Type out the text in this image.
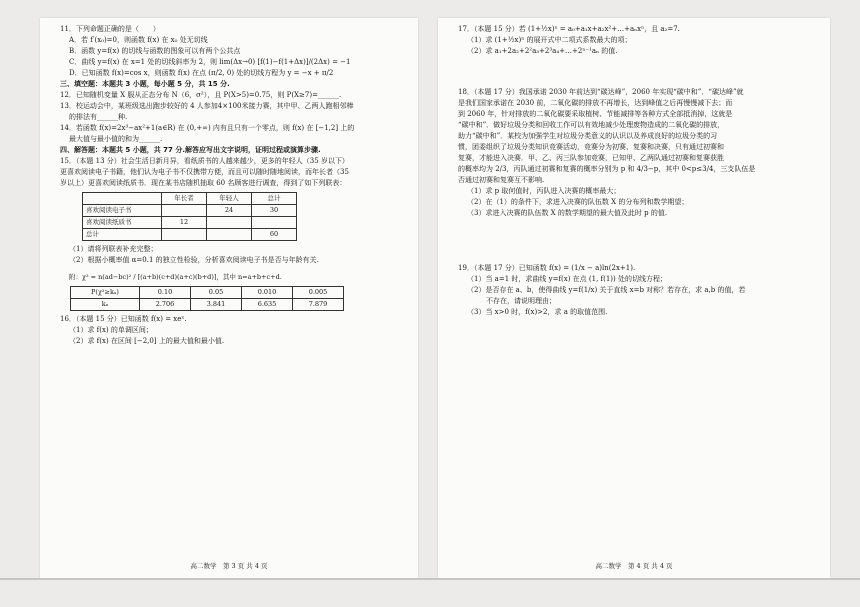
11．下列命题正确的是（　　）

A．若 f′(x₀)=0，则函数 f(x) 在 x₀ 处无切线

B．函数 y=f(x) 的切线与函数的图象可以有两个公共点

C．曲线 y=f(x) 在 x=1 处的切线斜率为 2，则 lim(Δx→0) [f(1)−f(1+Δx)]/(2Δx) = −1

D．已知函数 f(x)=cos x，则函数 f(x) 在点 (π/2, 0) 处的切线方程为 y = −x + π/2

三、填空题：本题共 3 小题，每小题 5 分，共 15 分.

12．已知随机变量 X 服从正态分布 N（6，σ²），且 P(X>5)=0.75，则 P(X≥7)=______.

13．校运动会中，某班级选出跑步较好的 4 人参加4×100米接力赛，其中甲、乙两人跑相邻棒

的排法有______种.

14．若函数 f(x)=2x³−ax²+1(a∈R) 在 (0,+∞) 内有且只有一个零点，则 f(x) 在 [−1,2] 上的

最大值与最小值的和为______.

四、解答题：本题共 5 小题，共 77 分.解答应写出文字说明，证明过程或演算步骤.

15．（本题 13 分）社会生活日新月异，看纸质书的人越来越少，更多的年轻人（35 岁以下）

更喜欢阅读电子书籍，他们认为电子书不仅携带方便，而且可以随时随地阅读，而年长者（35

岁以上）更喜欢阅读纸质书．现在某书店随机抽取 60 名顾客进行调查，得到了如下列联表：

	年长者	年轻人	总计
喜欢阅读电子书		24	30
喜欢阅读纸质书	12		
总计			60

（1）请将列联表补充完整；

（2）根据小概率值 α=0.1 的独立性检验，分析喜欢阅读电子书是否与年龄有关.

附：χ² = n(ad−bc)² / [(a+b)(c+d)(a+c)(b+d)]，其中 n=a+b+c+d.

P(χ²≥kₐ)	0.10	0.05	0.010	0.005
kₐ	2.706	3.841	6.635	7.879

16．（本题 15 分）已知函数 f(x) = xeˣ.

（1）求 f(x) 的单调区间；

（2）求 f(x) 在区间 [−2,0] 上的最大值和最小值.

高二数学　第 3 页 共 4 页

17．（本题 15 分）若 (1+½x)ⁿ = a₀+a₁x+a₂x²+…+aₙxⁿ，且 a₂=7.

（1）求 (1+½x)ⁿ 的展开式中二项式系数最大的项；

（2）求 a₁+2a₂+2²a₃+2³a₄+…+2ⁿ⁻¹aₙ 的值.

18．（本题 17 分）我国承诺 2030 年前达到“碳达峰”，2060 年实现“碳中和”．“碳达峰”就

是我们国家承诺在 2030 前，二氧化碳的排放不再增长，达到峰值之后再慢慢减下去；而

到 2060 年，针对排放的二氧化碳要采取植树、节能减排等各种方式全部抵消掉，这就是

“碳中和”．做好垃圾分类和回收工作可以有效地减少处理废物造成的二氧化碳的排放，

助力“碳中和”．某校为加强学生对垃圾分类意义的认识以及养成良好的垃圾分类的习

惯，团委组织了垃圾分类知识竞赛活动，竞赛分为初赛、复赛和决赛，只有通过初赛和

复赛，才能进入决赛．甲、乙、丙三队参加竞赛，已知甲、乙两队通过初赛和复赛获胜

的概率均为 2/3，丙队通过初赛和复赛的概率分别为 p 和 4/3−p，其中 0<p≤3/4，三支队伍是

否通过初赛和复赛互不影响.

（1）求 p 取何值时，丙队进入决赛的概率最大；

（2）在（1）的条件下，求进入决赛的队伍数 X 的分布列和数学期望；

（3）求进入决赛的队伍数 X 的数学期望的最大值及此时 p 的值.

19．（本题 17 分）已知函数 f(x) = (1/x − a)ln(2x+1).

（1）当 a=1 时，求曲线 y=f(x) 在点 (1, f(1)) 处的切线方程；

（2）是否存在 a、b，使得曲线 y=f(1/x) 关于直线 x=b 对称？若存在，求 a,b 的值，若

不存在，请说明理由；

（3）当 x>0 时，f(x)>2，求 a 的取值范围.

高二数学　第 4 页 共 4 页
